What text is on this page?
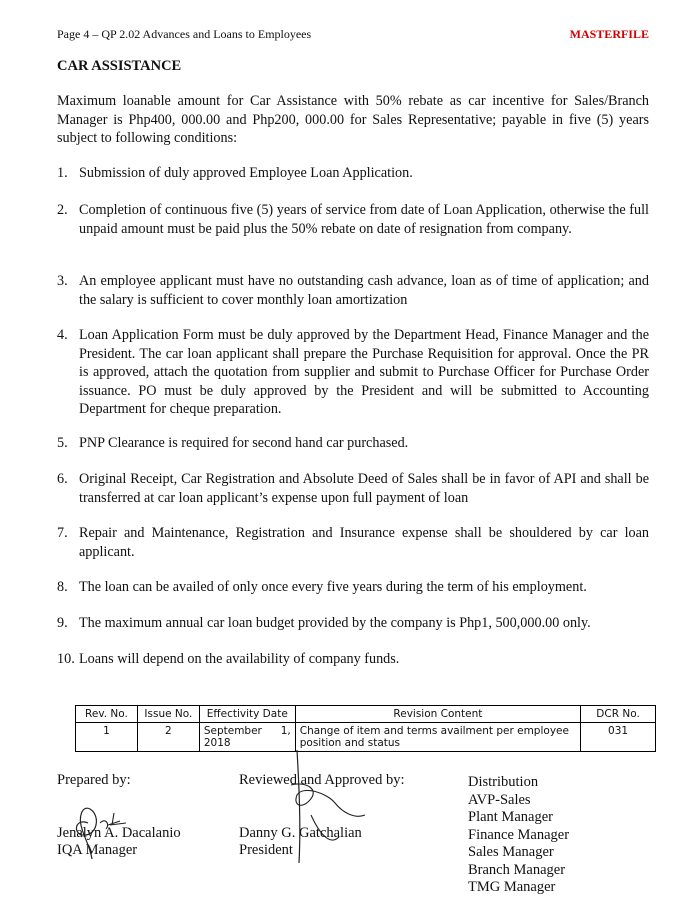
Page 4 – QP 2.02 Advances and Loans to Employees	MASTERFILE
CAR ASSISTANCE

Maximum loanable amount for Car Assistance with 50% rebate as car incentive for Sales/Branch Manager is Php400, 000.00 and Php200, 000.00 for Sales Representative; payable in five (5) years subject to following conditions:

1. Submission of duly approved Employee Loan Application.
2. Completion of continuous five (5) years of service from date of Loan Application, otherwise the full unpaid amount must be paid plus the 50% rebate on date of resignation from company.
3. An employee applicant must have no outstanding cash advance, loan as of time of application; and the salary is sufficient to cover monthly loan amortization
4. Loan Application Form must be duly approved by the Department Head, Finance Manager and the President. The car loan applicant shall prepare the Purchase Requisition for approval. Once the PR is approved, attach the quotation from supplier and submit to Purchase Officer for Purchase Order issuance. PO must be duly approved by the President and will be submitted to Accounting Department for cheque preparation.
5. PNP Clearance is required for second hand car purchased.
6. Original Receipt, Car Registration and Absolute Deed of Sales shall be in favor of API and shall be transferred at car loan applicant’s expense upon full payment of loan
7. Repair and Maintenance, Registration and Insurance expense shall be shouldered by car loan applicant.
8. The loan can be availed of only once every five years during the term of his employment.
9. The maximum annual car loan budget provided by the company is Php1, 500,000.00 only.
10. Loans will depend on the availability of company funds.
Rev. No.	Issue No.	Effectivity Date	Revision Content	DCR No.
1	2	September 1, 2018	Change of item and terms availment per employee position and status	031
Prepared by:
Jenalyn A. Dacalanio
IQA Manager
Reviewed and Approved by:
Danny G. Gatchalian
President
Distribution
AVP-Sales
Plant Manager
Finance Manager
Sales Manager
Branch Manager
TMG Manager
